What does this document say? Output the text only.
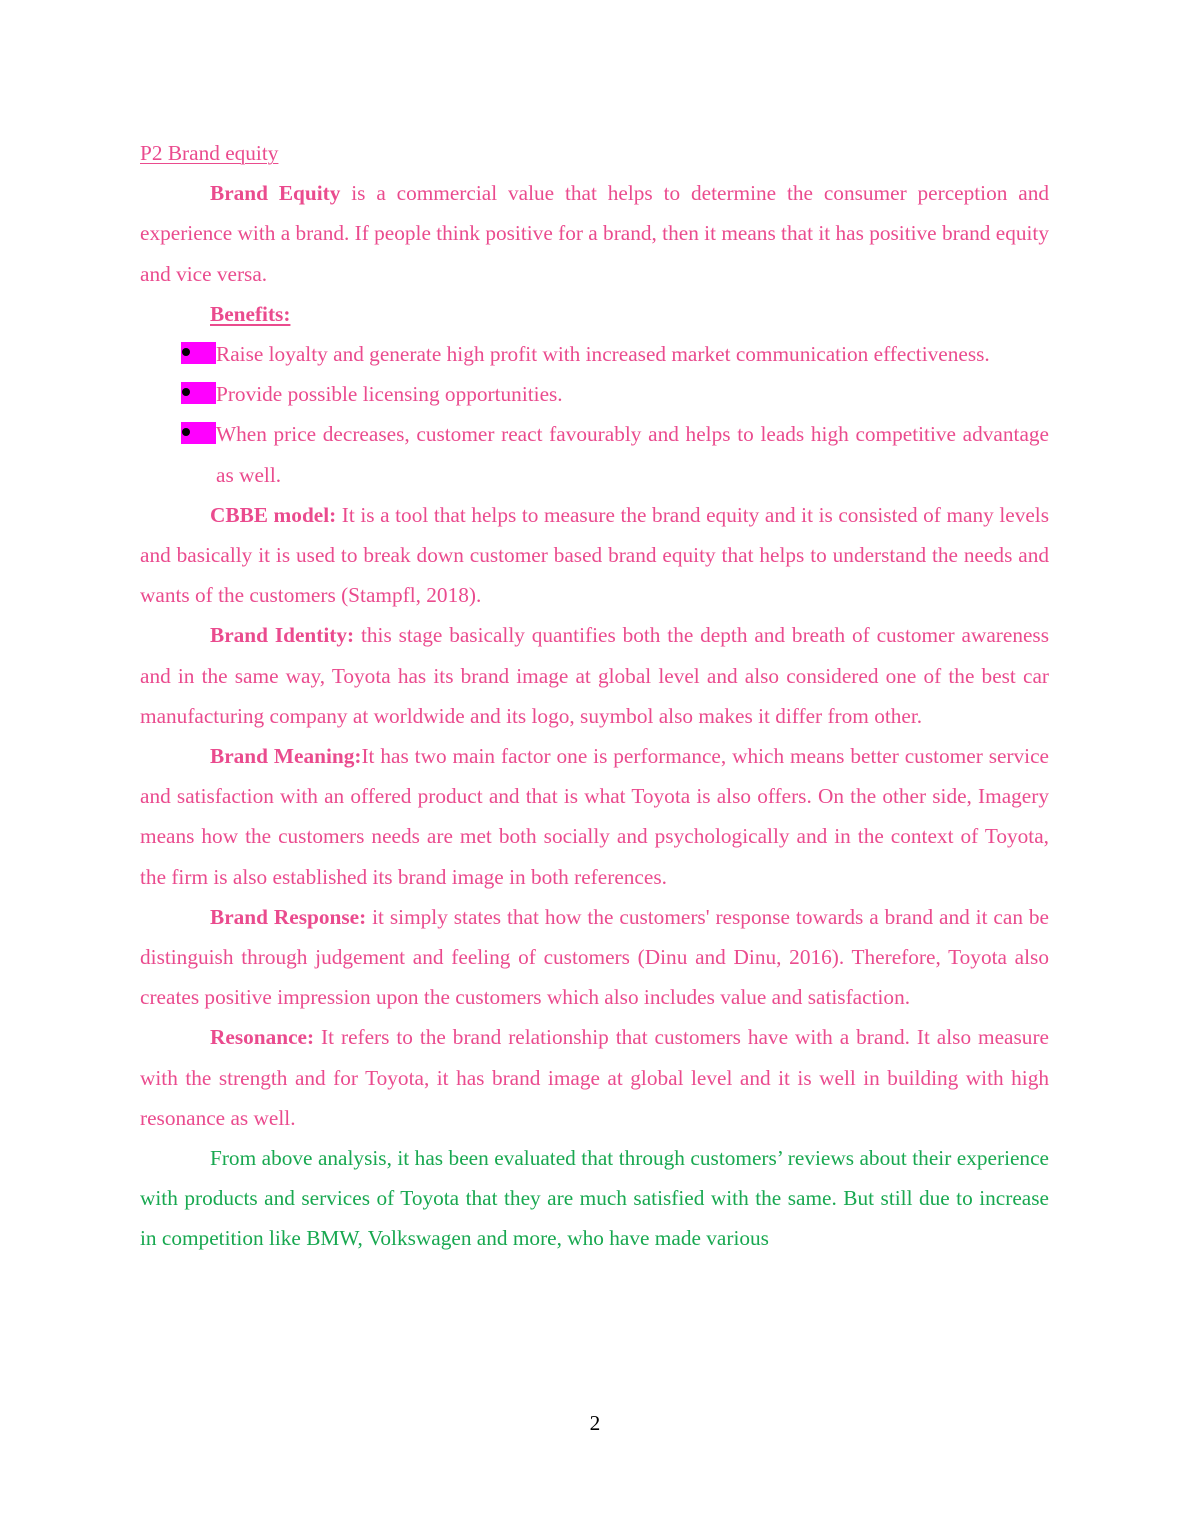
P2 Brand equity

Brand Equity is a commercial value that helps to determine the consumer perception and experience with a brand. If people think positive for a brand, then it means that it has positive brand equity and vice versa.

Benefits:

Raise loyalty and generate high profit with increased market communication effectiveness.
Provide possible licensing opportunities.
When price decreases, customer react favourably and helps to leads high competitive advantage as well.

CBBE model: It is a tool that helps to measure the brand equity and it is consisted of many levels and basically it is used to break down customer based brand equity that helps to understand the needs and wants of the customers (Stampfl, 2018).

Brand Identity: this stage basically quantifies both the depth and breath of customer awareness and in the same way, Toyota has its brand image at global level and also considered one of the best car manufacturing company at worldwide and its logo, suymbol also makes it differ from other.

Brand Meaning:It has two main factor one is performance, which means better customer service and satisfaction with an offered product and that is what Toyota is also offers. On the other side, Imagery means how the customers needs are met both socially and psychologically and in the context of Toyota, the firm is also established its brand image in both references.

Brand Response: it simply states that how the customers' response towards a brand and it can be distinguish through judgement and feeling of customers (Dinu and Dinu, 2016). Therefore, Toyota also creates positive impression upon the customers which also includes value and satisfaction.

Resonance: It refers to the brand relationship that customers have with a brand. It also measure with the strength and for Toyota, it has brand image at global level and it is well in building with high resonance as well.

From above analysis, it has been evaluated that through customers’ reviews about their experience with products and services of Toyota that they are much satisfied with the same. But still due to increase in competition like BMW, Volkswagen and more, who have made various

2
